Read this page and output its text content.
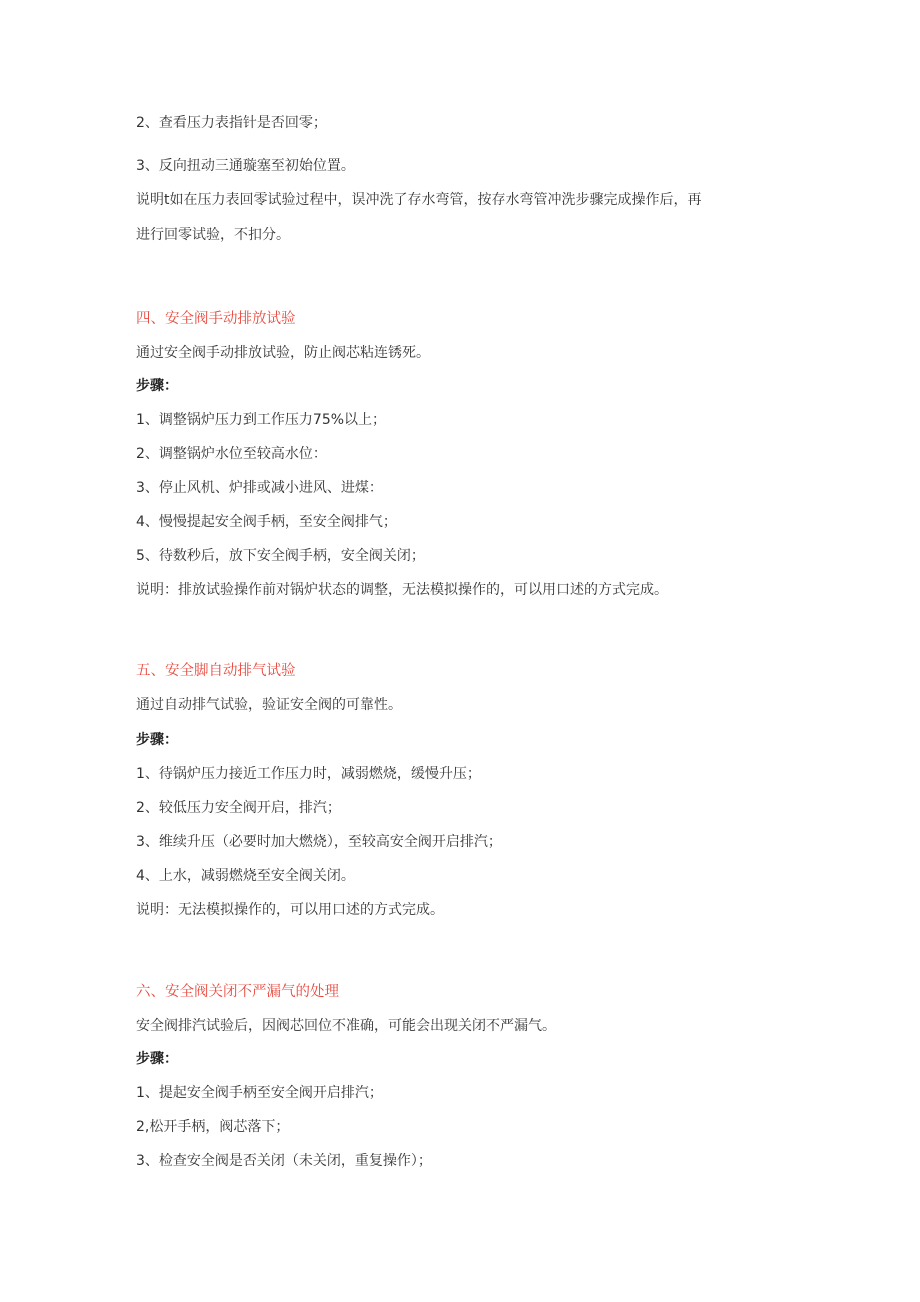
2、查看压力表指针是否回零；
3、反向扭动三通璇塞至初始位置。
说明t如在压力表回零试验过程中，误冲洗了存水弯管，按存水弯管冲洗步骤完成操作后，再
进行回零试验，不扣分。
四、安全阀手动排放试验
通过安全阀手动排放试验，防止阀芯粘连锈死。
步骤：
1、调整锅炉压力到工作压力75%以上；
2、调整锅炉水位至较高水位：
3、停止风机、炉排或减小进风、进煤：
4、慢慢提起安全阀手柄，至安全阀排气；
5、待数秒后，放下安全阀手柄，安全阀关闭；
说明：排放试验操作前对锅炉状态的调整，无法模拟操作的，可以用口述的方式完成。
五、安全脚自动排气试验
通过自动排气试验，验证安全阀的可靠性。
步骤：
1、待锅炉压力接近工作压力时，减弱燃烧，缓慢升压；
2、较低压力安全阀开启，排汽；
3、维续升压（必要时加大燃烧），至较高安全阀开启排汽；
4、上水，减弱燃烧至安全阀关闭。
说明：无法模拟操作的，可以用口述的方式完成。
六、安全阀关闭不严漏气的处理
安全阀排汽试验后，因阀芯回位不准确，可能会出现关闭不严漏气。
步骤：
1、提起安全阀手柄至安全阀开启排汽；
2,松开手柄，阀芯落下；
3、检查安全阀是否关闭（未关闭，重复操作）；
